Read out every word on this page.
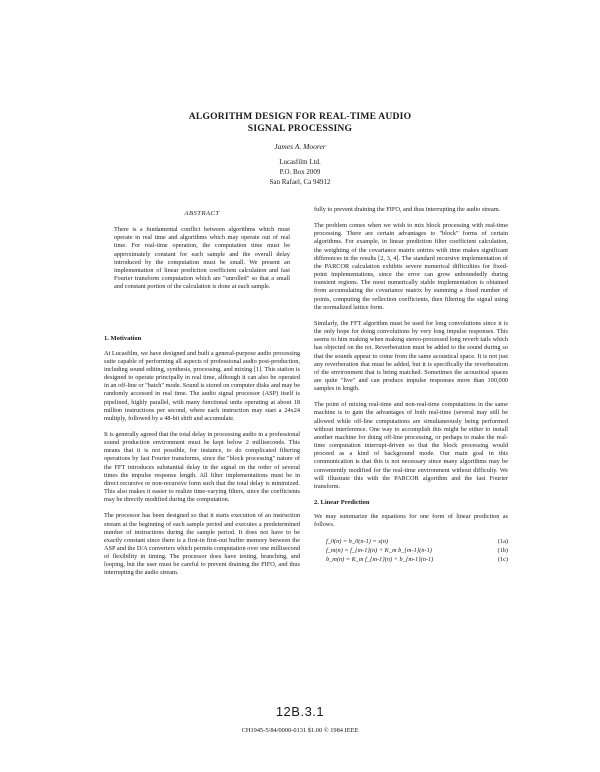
ALGORITHM DESIGN FOR REAL-TIME AUDIO
SIGNAL PROCESSING
James A. Moorer
Lucasfilm Ltd.
P.O. Box 2009
San Rafael, Ca 94912
ABSTRACT

There is a fundamental conflict between algorithms which must operate in real time and algorithms which may operate out of real time. For real-time operation, the computation time must be approximately constant for each sample and the overall delay introduced by the computation must be small. We present an implementation of linear prediction coefficient calculation and fast Fourier transform computation which are "unrolled" so that a small and constant portion of the calculation is done at each sample.

1. Motivation

At Lucasfilm, we have designed and built a general-purpose audio processing suite capable of performing all aspects of professional audio post-production, including sound editing, synthesis, processing, and mixing [1]. This station is designed to operate principally in real time, although it can also be operated in an off-line or "batch" mode. Sound is stored on computer disks and may be randomly accessed in real time. The audio signal processor (ASP) itself is pipelined, highly parallel, with many functional units operating at about 18 million instructions per second, where each instruction may start a 24x24 multiply, followed by a 48-bit shift and accumulate.

It is generally agreed that the total delay in processing audio in a professional sound production environment must be kept below 2 milliseconds. This means that it is not possible, for instance, to do complicated filtering operations by fast Fourier transforms, since the "block processing" nature of the FFT introduces substantial delay in the signal on the order of several times the impulse response length. All filter implementations must be in direct recursive or non-recursive form such that the total delay is minimized. This also makes it easier to realize time-varying filters, since the coefficients may be directly modified during the computation.

The processor has been designed so that it starts execution of an instruction stream at the beginning of each sample period and executes a predetermined number of instructions during the sample period. It does not have to be exactly constant since there is a first-in first-out buffer memory between the ASP and the D/A converters which permits computation over one millisecond of flexibility in timing. The processor does have testing, branching, and looping, but the user must be careful to prevent draining the FIFO, and thus interrupting the audio stream.

fully to prevent draining the FIFO, and thus interrupting the audio stream.

The problem comes when we wish to mix block processing with real-time processing. There are certain advantages to "block" forms of certain algorithms. For example, in linear prediction filter coefficient calculation, the weighting of the covariance matrix entries with time makes significant differences in the results [2, 3, 4]. The standard recursive implementation of the PARCOR calculation exhibits severe numerical difficulties for fixed-point implementations, since the error can grow unboundedly during transient regions. The most numerically stable implementation is obtained from accumulating the covariance matrix by summing a fixed number of points, computing the reflection coefficients, then filtering the signal using the normalized lattice form.

Similarly, the FFT algorithm must be used for long convolutions since it is the only hope for doing convolutions by very long impulse responses. This seems to him making when making stereo-processed long reverb tails which has objected on the ret. Reverberation must be added to the sound during so that the sounds appear to come from the same acoustical space. It is not just any reverberation that must be added, but it is specifically the reverberation of the environment that is being matched. Sometimes the acoustical spaces are quite "live" and can produce impulse responses more than 100,000 samples in length.

The point of mixing real-time and non-real-time computations in the same machine is to gain the advantages of both real-time (several may still be allowed while off-line computations are simultaneously being performed without interference. One way to accomplish this might be either to install another machine for doing off-line processing, or perhaps to make the real-time computation interrupt-driven so that the block processing would proceed as a kind of background mode. Our main goal in this communication is that this is not necessary since many algorithms may be conveniently modified for the real-time environment without difficulty. We will illustrate this with the PARCOR algorithm and the fast Fourier transform.

2. Linear Prediction

We may summarize the equations for one form of linear prediction as follows.

f_0(n) = b_0(n-1) = s(n)	(1a)
f_m(n) = f_{m-1}(n) + K_m b_{m-1}(n-1)	(1b)
b_m(n) = K_m f_{m-1}(n) + b_{m-1}(n-1)	(1c)
12B.3.1
CH1945-5/84/0000-0131 $1.00 © 1984 IEEE
